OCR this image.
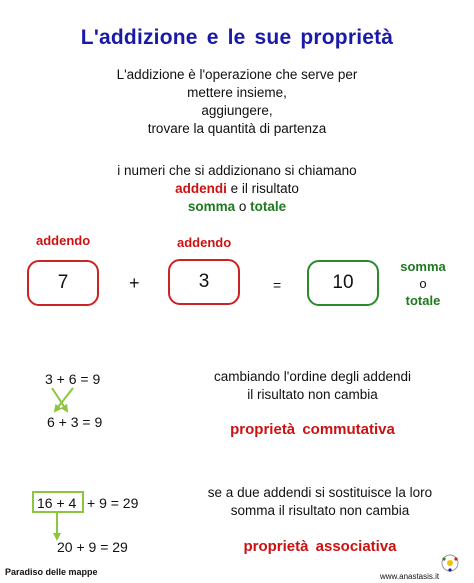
L'addizione e le sue proprietà
L'addizione è l'operazione che serve per
mettere insieme,
aggiungere,
trovare la quantità di partenza
i numeri che si addizionano si chiamano
addendi e il risultato
somma o totale
addendo	addendo
7	+	3	=	10
somma
o
totale
3 + 6 = 9
6 + 3 = 9
cambiando l'ordine degli addendi
il risultato non cambia
proprietà commutativa
16 + 4 + 9 = 29
20 + 9 = 29
se a due addendi si sostituisce la loro
somma il risultato non cambia
proprietà associativa
Paradiso delle mappe	www.anastasis.it
